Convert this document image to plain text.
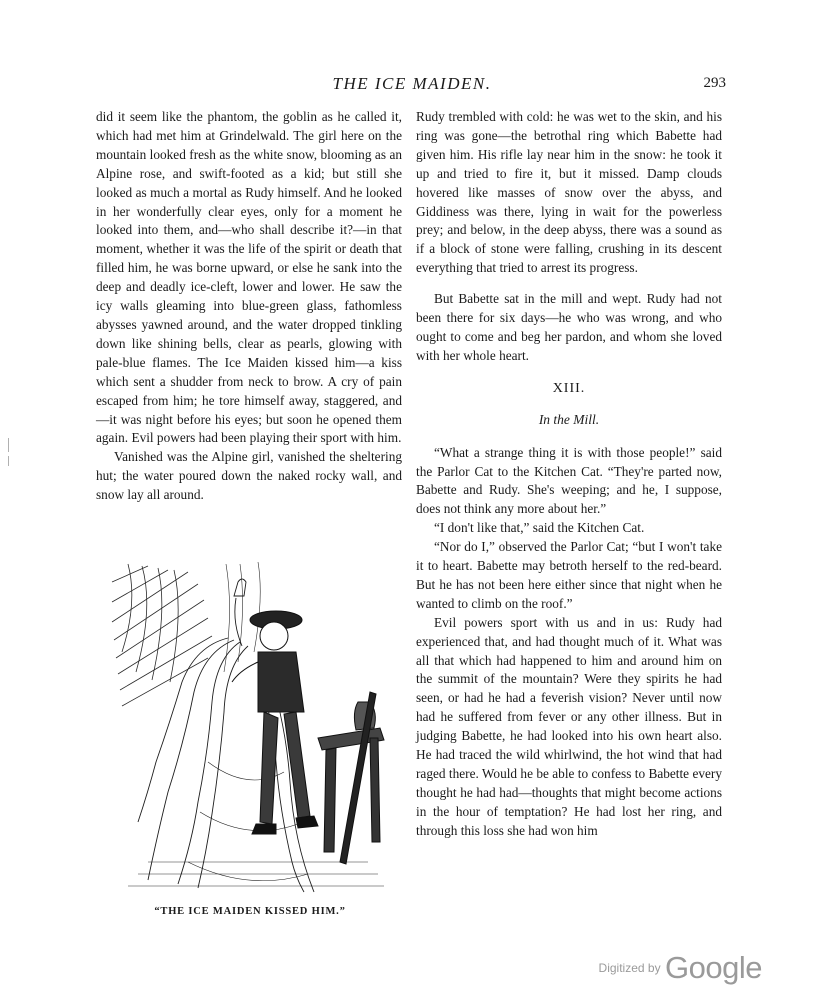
THE ICE MAIDEN.	293

did it seem like the phantom, the goblin as he called it, which had met him at Grindelwald. The girl here on the mountain looked fresh as the white snow, blooming as an Alpine rose, and swift-footed as a kid; but still she looked as much a mortal as Rudy himself. And he looked in her wonderfully clear eyes, only for a moment he looked into them, and—who shall describe it?—in that moment, whether it was the life of the spirit or death that filled him, he was borne upward, or else he sank into the deep and deadly ice-cleft, lower and lower. He saw the icy walls gleaming into blue-green glass, fathomless abysses yawned around, and the water dropped tinkling down like shining bells, clear as pearls, glowing with pale-blue flames. The Ice Maiden kissed him—a kiss which sent a shudder from neck to brow. A cry of pain escaped from him; he tore himself away, staggered, and—it was night before his eyes; but soon he opened them again. Evil powers had been playing their sport with him.

Vanished was the Alpine girl, vanished the sheltering hut; the water poured down the naked rocky wall, and snow lay all around.

“THE ICE MAIDEN KISSED HIM.”

Rudy trembled with cold: he was wet to the skin, and his ring was gone—the betrothal ring which Babette had given him. His rifle lay near him in the snow: he took it up and tried to fire it, but it missed. Damp clouds hovered like masses of snow over the abyss, and Giddiness was there, lying in wait for the powerless prey; and below, in the deep abyss, there was a sound as if a block of stone were falling, crushing in its descent everything that tried to arrest its progress.

But Babette sat in the mill and wept. Rudy had not been there for six days—he who was wrong, and who ought to come and beg her pardon, and whom she loved with her whole heart.

XIII.
In the Mill.

“What a strange thing it is with those people!” said the Parlor Cat to the Kitchen Cat. “They're parted now, Babette and Rudy. She's weeping; and he, I suppose, does not think any more about her.”

“I don't like that,” said the Kitchen Cat.

“Nor do I,” observed the Parlor Cat; “but I won't take it to heart. Babette may betroth herself to the red-beard. But he has not been here either since that night when he wanted to climb on the roof.”

Evil powers sport with us and in us: Rudy had experienced that, and had thought much of it. What was all that which had happened to him and around him on the summit of the mountain? Were they spirits he had seen, or had he had a feverish vision? Never until now had he suffered from fever or any other illness. But in judging Babette, he had looked into his own heart also. He had traced the wild whirlwind, the hot wind that had raged there. Would he be able to confess to Babette every thought he had had—thoughts that might become actions in the hour of temptation? He had lost her ring, and through this loss she had won him

Digitized by Google
